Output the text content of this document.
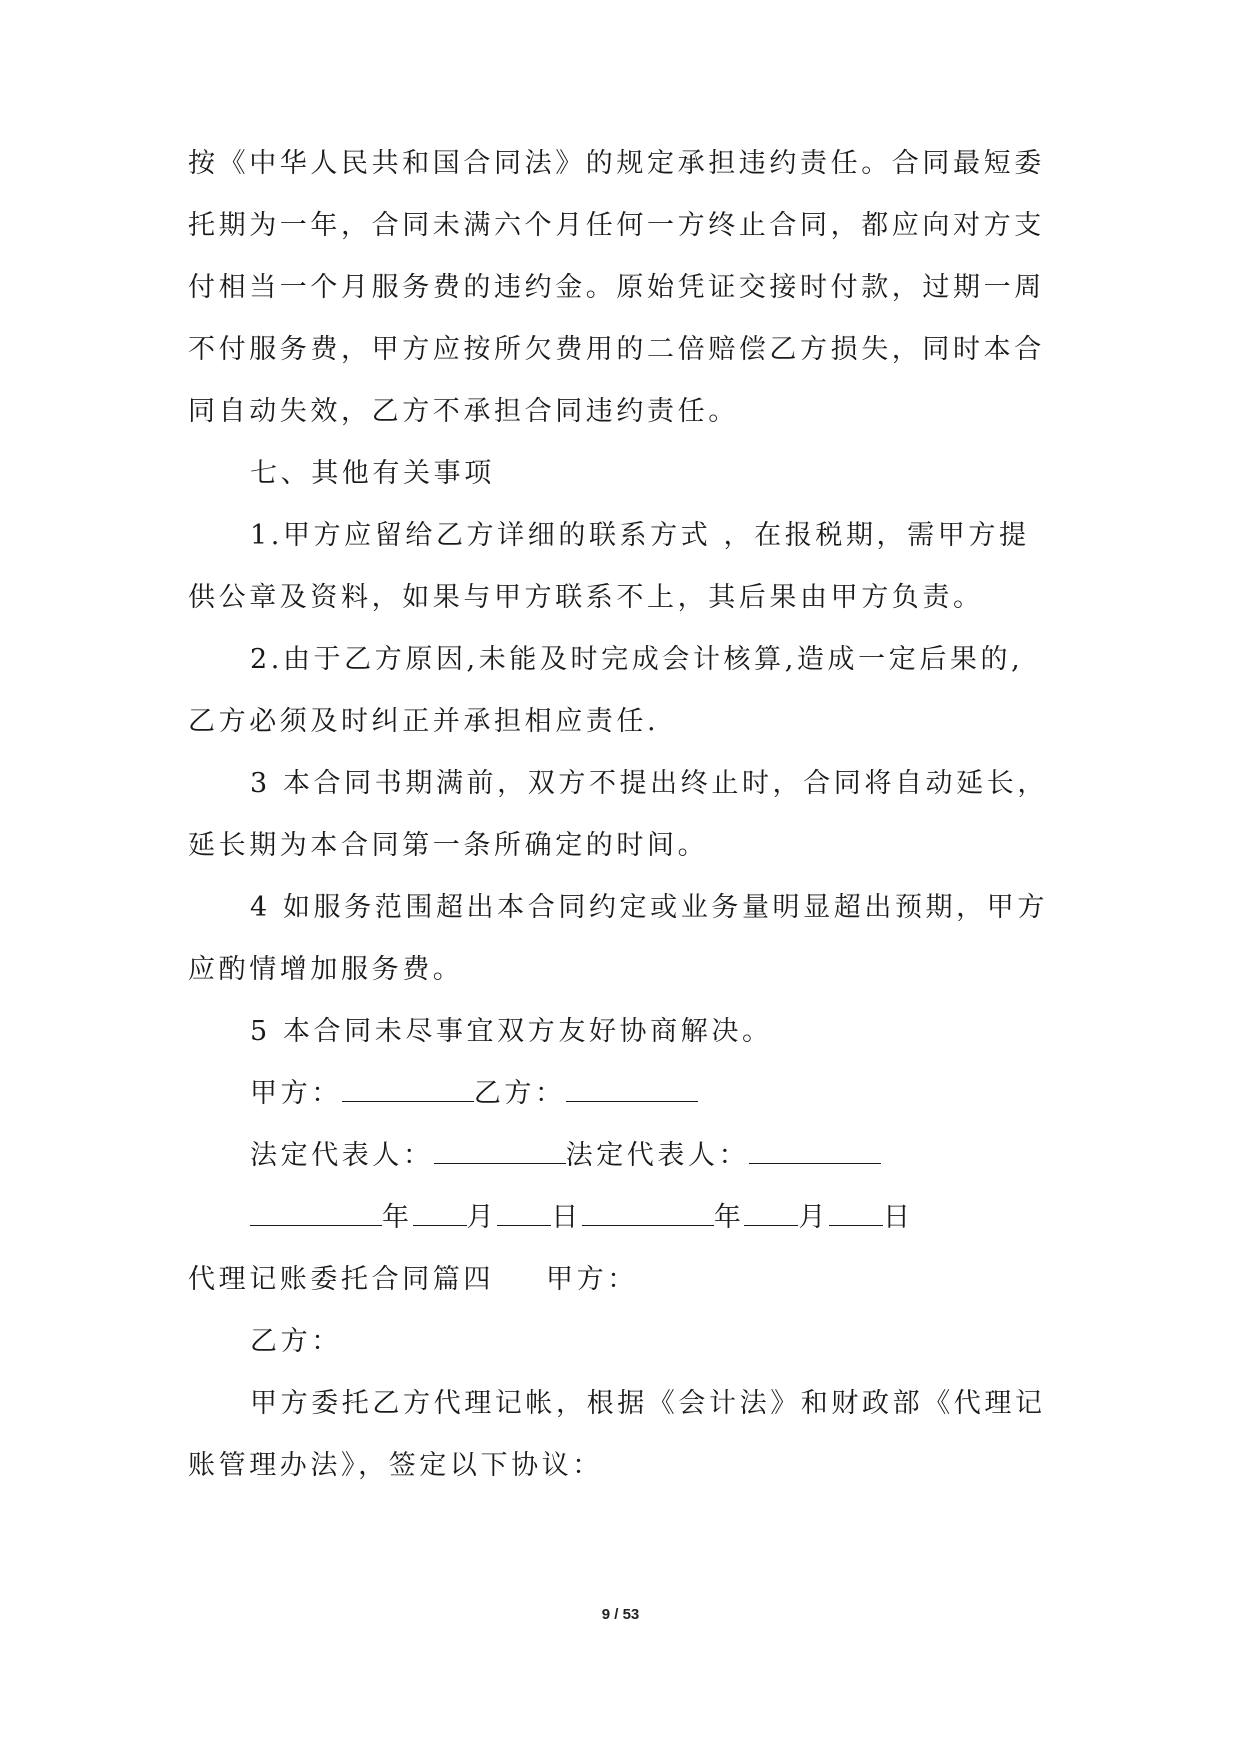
按《中华人民共和国合同法》的规定承担违约责任。合同最短委
托期为一年，合同未满六个月任何一方终止合同，都应向对方支
付相当一个月服务费的违约金。原始凭证交接时付款，过期一周
不付服务费，甲方应按所欠费用的二倍赔偿乙方损失，同时本合
同自动失效，乙方不承担合同违约责任。
七、其他有关事项
1.甲方应留给乙方详细的联系方式 ，在报税期，需甲方提
供公章及资料，如果与甲方联系不上，其后果由甲方负责。
2.由于乙方原因,未能及时完成会计核算,造成一定后果的,
乙方必须及时纠正并承担相应责任.
3 本合同书期满前，双方不提出终止时，合同将自动延长，
延长期为本合同第一条所确定的时间。
4 如服务范围超出本合同约定或业务量明显超出预期，甲方
应酌情增加服务费。
5 本合同未尽事宜双方友好协商解决。
甲方：	乙方：
法定代表人：	法定代表人：
年 月 日	年 月 日
代理记账委托合同篇四 甲方：
乙方：
甲方委托乙方代理记帐，根据《会计法》和财政部《代理记
账管理办法》，签定以下协议：
9 / 53
